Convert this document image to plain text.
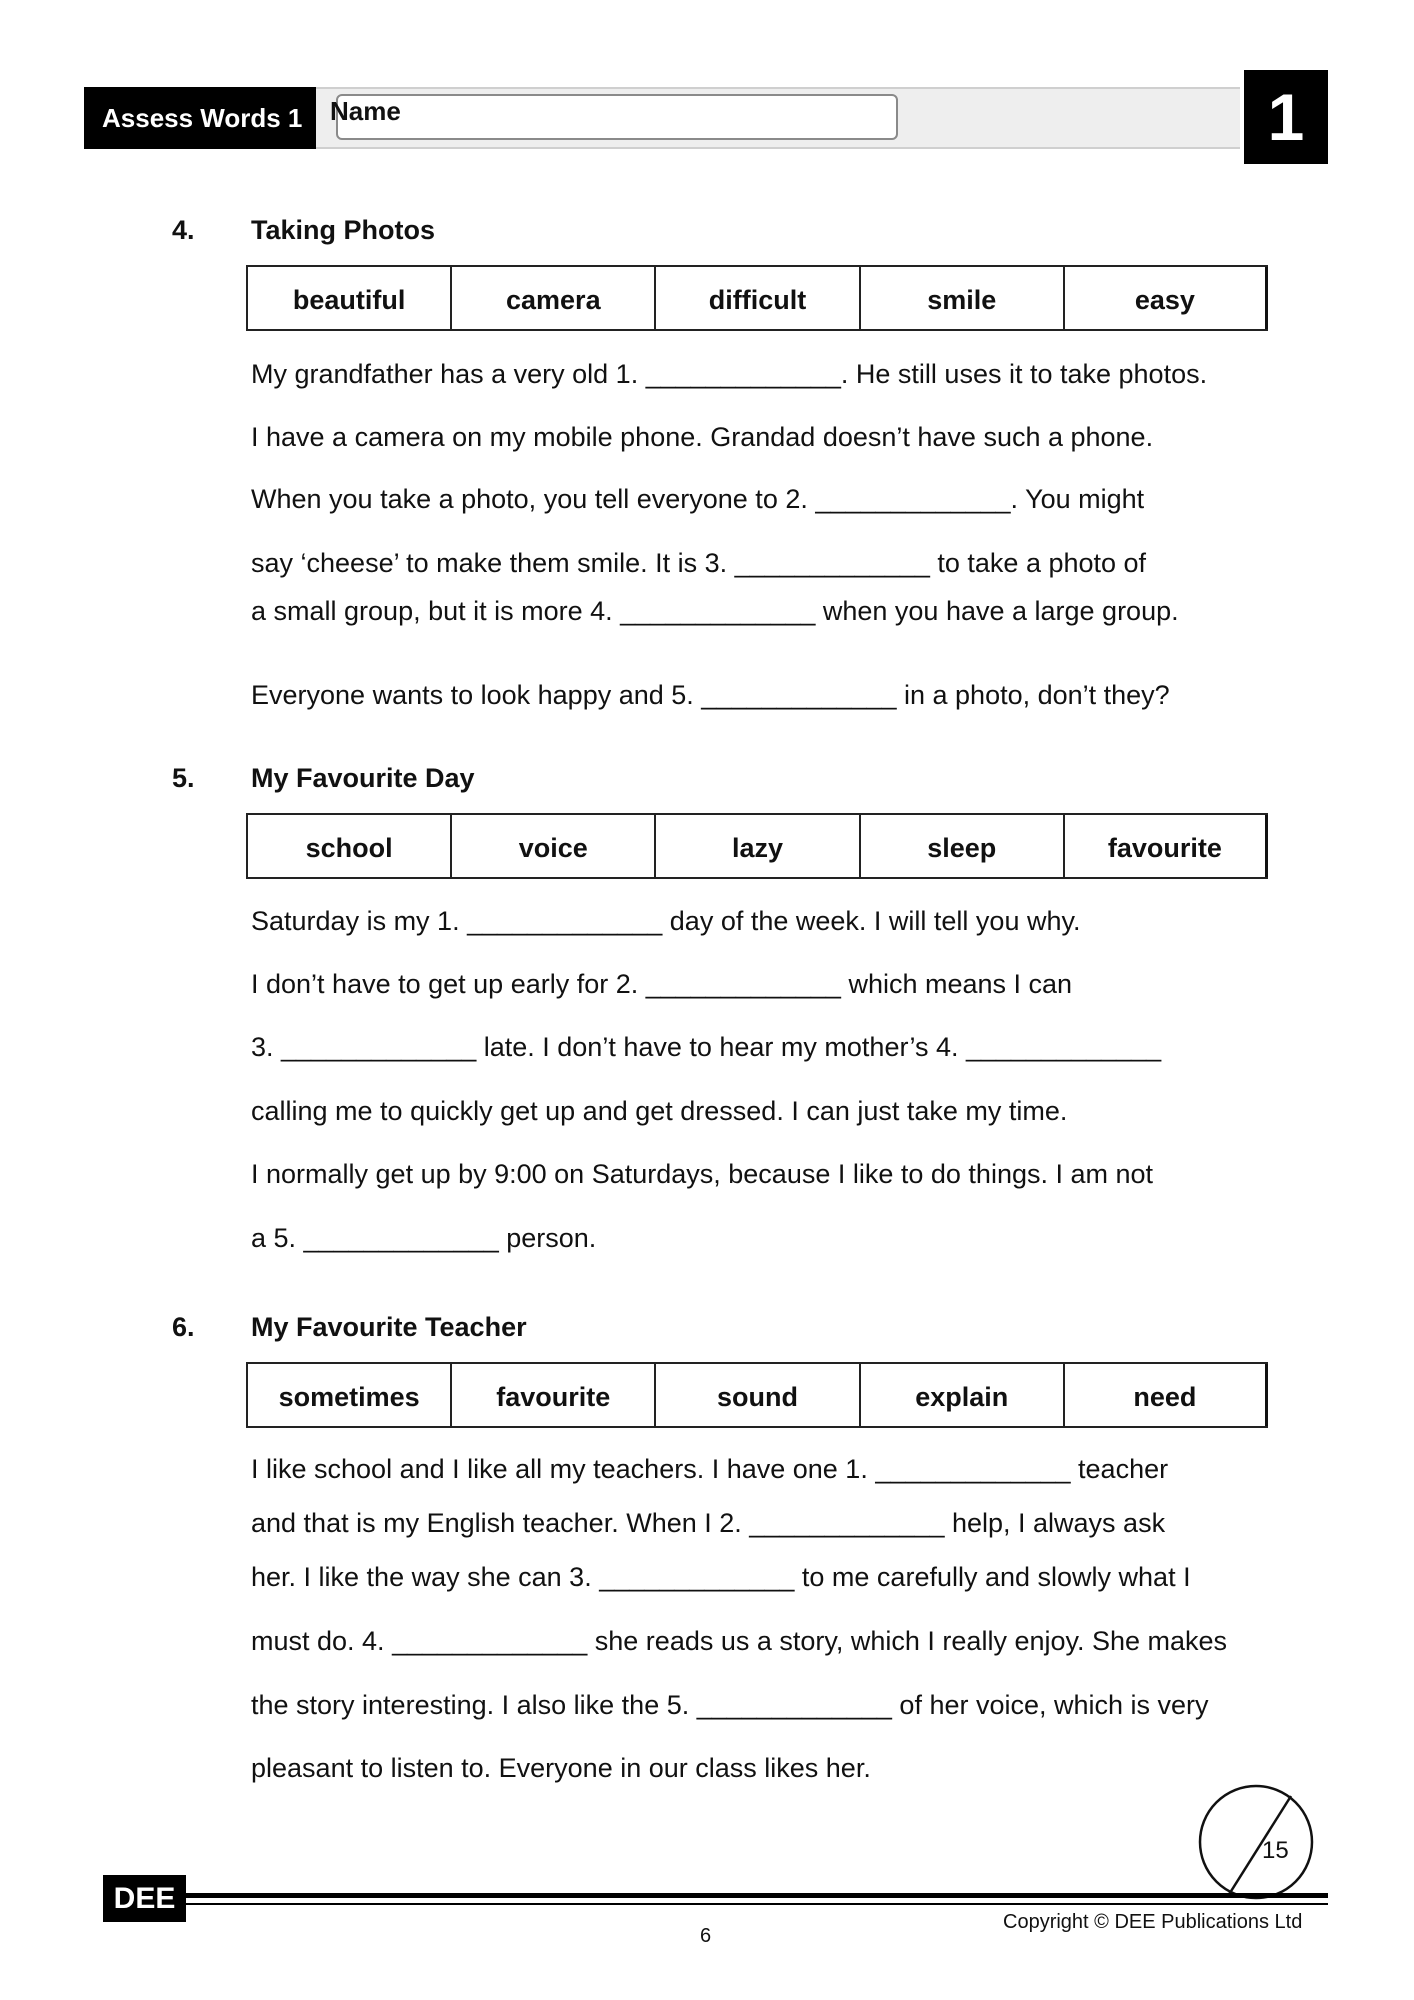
Assess Words 1	Name	1
4. Taking Photos
beautiful	camera	difficult	smile	easy
My grandfather has a very old 1. _____________. He still uses it to take photos.
I have a camera on my mobile phone. Grandad doesn’t have such a phone.
When you take a photo, you tell everyone to 2. _____________. You might
say ‘cheese’ to make them smile. It is 3. _____________ to take a photo of
a small group, but it is more 4. _____________ when you have a large group.
Everyone wants to look happy and 5. _____________ in a photo, don’t they?
5. My Favourite Day
school	voice	lazy	sleep	favourite
Saturday is my 1. _____________ day of the week. I will tell you why.
I don’t have to get up early for 2. _____________ which means I can
3. _____________ late. I don’t have to hear my mother’s 4. _____________
calling me to quickly get up and get dressed. I can just take my time.
I normally get up by 9:00 on Saturdays, because I like to do things. I am not
a 5. _____________ person.
6. My Favourite Teacher
sometimes	favourite	sound	explain	need
I like school and I like all my teachers. I have one 1. _____________ teacher
and that is my English teacher. When I 2. _____________ help, I always ask
her. I like the way she can 3. _____________ to me carefully and slowly what I
must do. 4. _____________ she reads us a story, which I really enjoy. She makes
the story interesting. I also like the 5. _____________ of her voice, which is very
pleasant to listen to. Everyone in our class likes her.
15
DEE
6
Copyright © DEE Publications Ltd
